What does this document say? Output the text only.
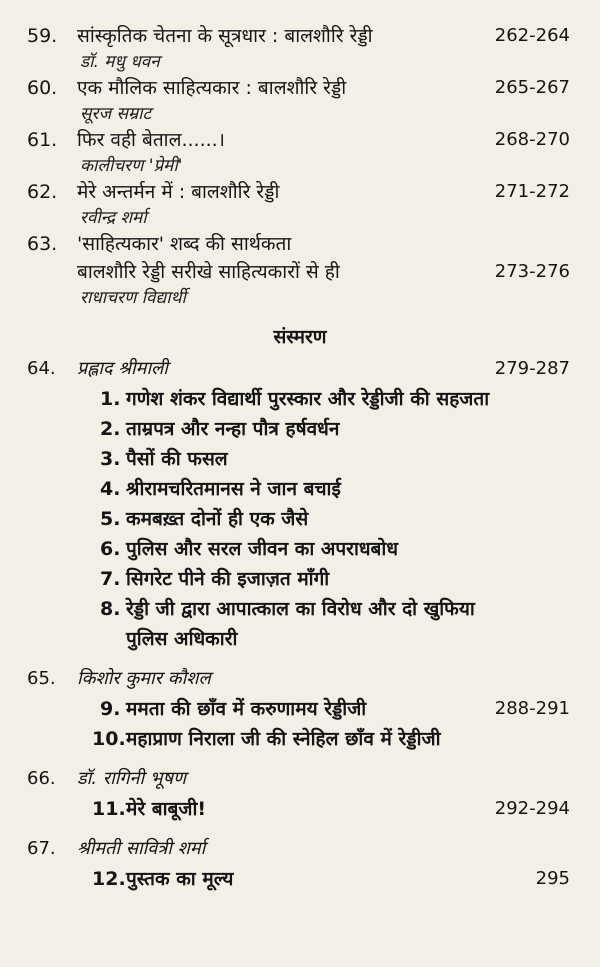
59. सांस्कृतिक चेतना के सूत्रधार : बालशौरि रेड्डी	262-264
डॉ. मधु धवन
60. एक मौलिक साहित्यकार : बालशौरि रेड्डी	265-267
सूरज सम्राट
61. फिर वही बेताल......।	268-270
कालीचरण 'प्रेमी'
62. मेरे अन्तर्मन में : बालशौरि रेड्डी	271-272
रवीन्द्र शर्मा
63. 'साहित्यकार' शब्द की सार्थकता
बालशौरि रेड्डी सरीखे साहित्यकारों से ही	273-276
राधाचरण विद्यार्थी
संस्मरण
64. प्रह्लाद श्रीमाली	279-287
1. गणेश शंकर विद्यार्थी पुरस्कार और रेड्डीजी की सहजता
2. ताम्रपत्र और नन्हा पौत्र हर्षवर्धन
3. पैसों की फसल
4. श्रीरामचरितमानस ने जान बचाई
5. कमबख़्त दोनों ही एक जैसे
6. पुलिस और सरल जीवन का अपराधबोध
7. सिगरेट पीने की इजाज़त माँगी
8. रेड्डी जी द्वारा आपात्काल का विरोध और दो खुफिया
पुलिस अधिकारी
65. किशोर कुमार कौशल
9. ममता की छाँव में करुणामय रेड्डीजी	288-291
10. महाप्राण निराला जी की स्नेहिल छाँव में रेड्डीजी
66. डॉ. रागिनी भूषण
11. मेरे बाबूजी!	292-294
67. श्रीमती सावित्री शर्मा
12. पुस्तक का मूल्य	295
